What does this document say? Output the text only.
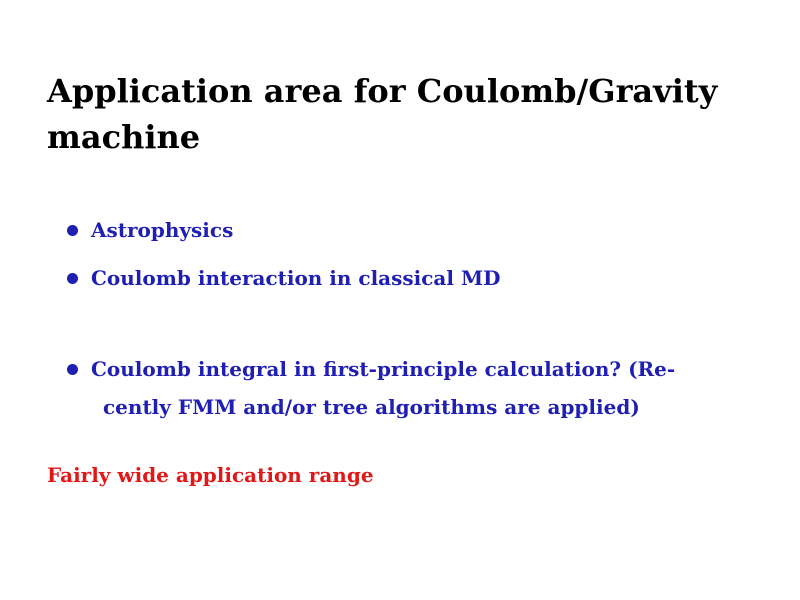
Application area for Coulomb/Gravity machine
Astrophysics
Coulomb interaction in classical MD
Coulomb integral in first-principle calculation? (Re-
cently FMM and/or tree algorithms are applied)

Fairly wide application range
